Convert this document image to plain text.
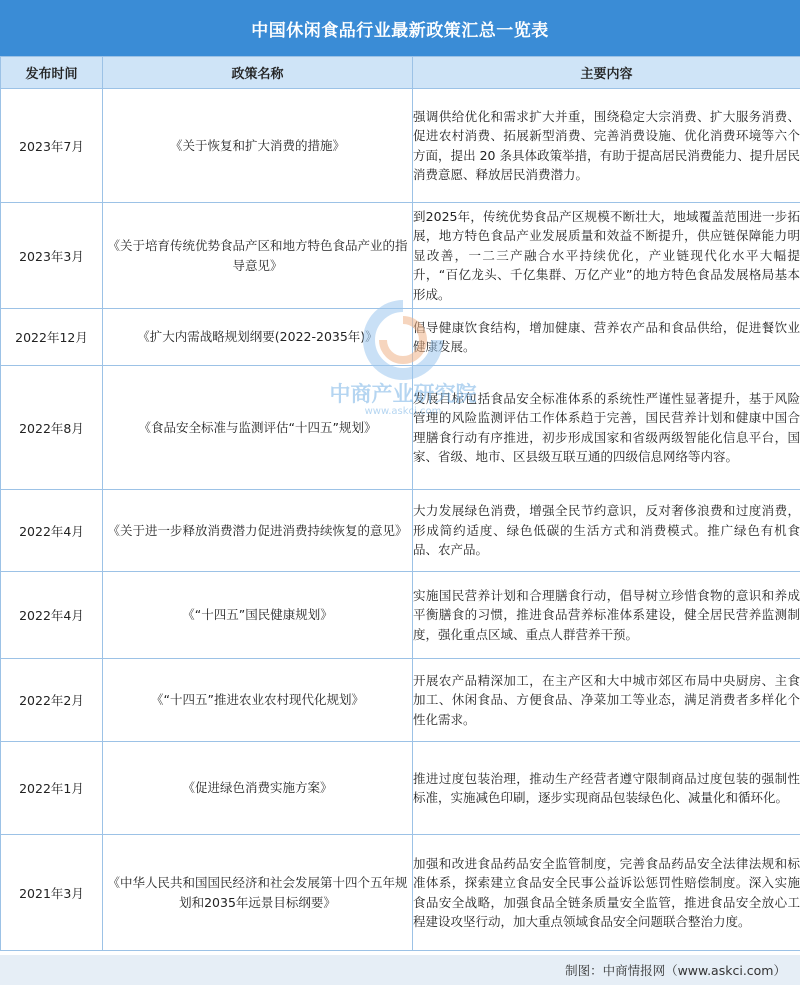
中国休闲食品行业最新政策汇总一览表
发布时间	政策名称	主要内容
2023年7月	《关于恢复和扩大消费的措施》	强调供给优化和需求扩大并重，围绕稳定大宗消费、扩大服务消费、促进农村消费、拓展新型消费、完善消费设施、优化消费环境等六个方面，提出 20 条具体政策举措，有助于提高居民消费能力、提升居民消费意愿、释放居民消费潜力。
2023年3月	《关于培育传统优势食品产区和地方特色食品产业的指导意见》	到2025年，传统优势食品产区规模不断壮大，地域覆盖范围进一步拓展，地方特色食品产业发展质量和效益不断提升，供应链保障能力明显改善，一二三产融合水平持续优化，产业链现代化水平大幅提升，“百亿龙头、千亿集群、万亿产业”的地方特色食品发展格局基本形成。
2022年12月	《扩大内需战略规划纲要(2022-2035年)》	倡导健康饮食结构，增加健康、营养农产品和食品供给，促进餐饮业健康发展。
2022年8月	《食品安全标准与监测评估“十四五”规划》	发展目标包括食品安全标准体系的系统性严谨性显著提升，基于风险管理的风险监测评估工作体系趋于完善，国民营养计划和健康中国合理膳食行动有序推进，初步形成国家和省级两级智能化信息平台，国家、省级、地市、区县级互联互通的四级信息网络等内容。
2022年4月	《关于进一步释放消费潜力促进消费持续恢复的意见》	大力发展绿色消费，增强全民节约意识，反对奢侈浪费和过度消费，形成简约适度、绿色低碳的生活方式和消费模式。推广绿色有机食品、农产品。
2022年4月	《“十四五”国民健康规划》	实施国民营养计划和合理膳食行动，倡导树立珍惜食物的意识和养成平衡膳食的习惯，推进食品营养标准体系建设，健全居民营养监测制度，强化重点区域、重点人群营养干预。
2022年2月	《“十四五”推进农业农村现代化规划》	开展农产品精深加工，在主产区和大中城市郊区布局中央厨房、主食加工、休闲食品、方便食品、净菜加工等业态，满足消费者多样化个性化需求。
2022年1月	《促进绿色消费实施方案》	推进过度包装治理，推动生产经营者遵守限制商品过度包装的强制性标准，实施减色印刷，逐步实现商品包装绿色化、减量化和循环化。
2021年3月	《中华人民共和国国民经济和社会发展第十四个五年规划和2035年远景目标纲要》	加强和改进食品药品安全监管制度，完善食品药品安全法律法规和标准体系，探索建立食品安全民事公益诉讼惩罚性赔偿制度。深入实施食品安全战略，加强食品全链条质量安全监管，推进食品安全放心工程建设攻坚行动，加大重点领域食品安全问题联合整治力度。
中商产业研究院
www.askci.com
制图：中商情报网（www.askci.com）
